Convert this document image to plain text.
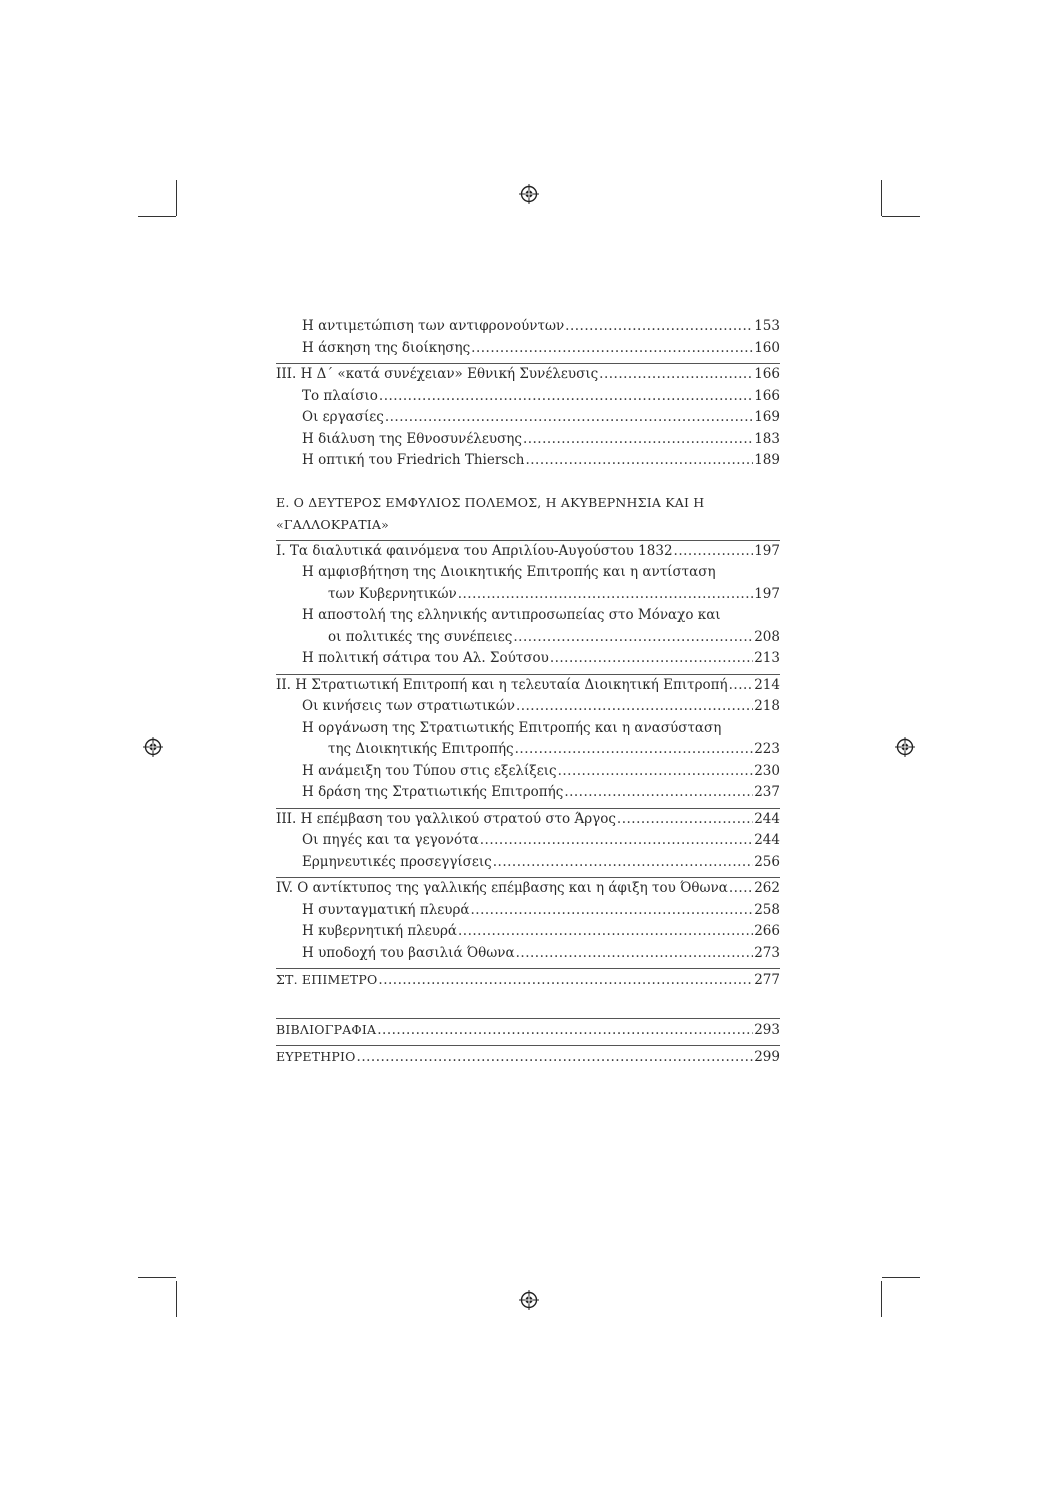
Η αντιμετώπιση των αντιφρονούντων .....	153
Η άσκηση της διοίκησης .....	160
ΙΙΙ. Η Δ΄ «κατά συνέχειαν» Εθνική Συνέλευσις .....	166
Το πλαίσιο .....	166
Οι εργασίες .....	169
Η διάλυση της Εθνοσυνέλευσης .....	183
Η οπτική του Friedrich Thiersch .....	189
Ε. Ο ΔΕΥΤΕΡΟΣ ΕΜΦΥΛΙΟΣ ΠΟΛΕΜΟΣ, Η ΑΚΥΒΕΡΝΗΣΙΑ ΚΑΙ Η
«ΓΑΛΛΟΚΡΑΤΙΑ»
Ι. Τα διαλυτικά φαινόμενα του Απριλίου-Αυγούστου 1832 .....	197
Η αμφισβήτηση της Διοικητικής Επιτροπής και η αντίσταση
των Κυβερνητικών .....	197
Η αποστολή της ελληνικής αντιπροσωπείας στο Μόναχο και
οι πολιτικές της συνέπειες .....	208
Η πολιτική σάτιρα του Αλ. Σούτσου .....	213
ΙΙ. Η Στρατιωτική Επιτροπή και η τελευταία Διοικητική Επιτροπή ..... 214
Οι κινήσεις των στρατιωτικών .....	218
Η οργάνωση της Στρατιωτικής Επιτροπής και η ανασύσταση
της Διοικητικής Επιτροπής .....	223
Η ανάμειξη του Τύπου στις εξελίξεις .....	230
Η δράση της Στρατιωτικής Επιτροπής .....	237
ΙΙΙ. Η επέμβαση του γαλλικού στρατού στο Άργος .....	244
Οι πηγές και τα γεγονότα .....	244
Ερμηνευτικές προσεγγίσεις .....	256
IV. Ο αντίκτυπος της γαλλικής επέμβασης και η άφιξη του Όθωνα ..... 262
Η συνταγματική πλευρά .....	258
Η κυβερνητική πλευρά .....	266
Η υποδοχή του βασιλιά Όθωνα .....	273
ΣΤ. ΕΠΙΜΕΤΡΟ .....	277
ΒΙΒΛΙΟΓΡΑΦΙΑ .....	293
ΕΥΡΕΤΗΡΙΟ .....	299
